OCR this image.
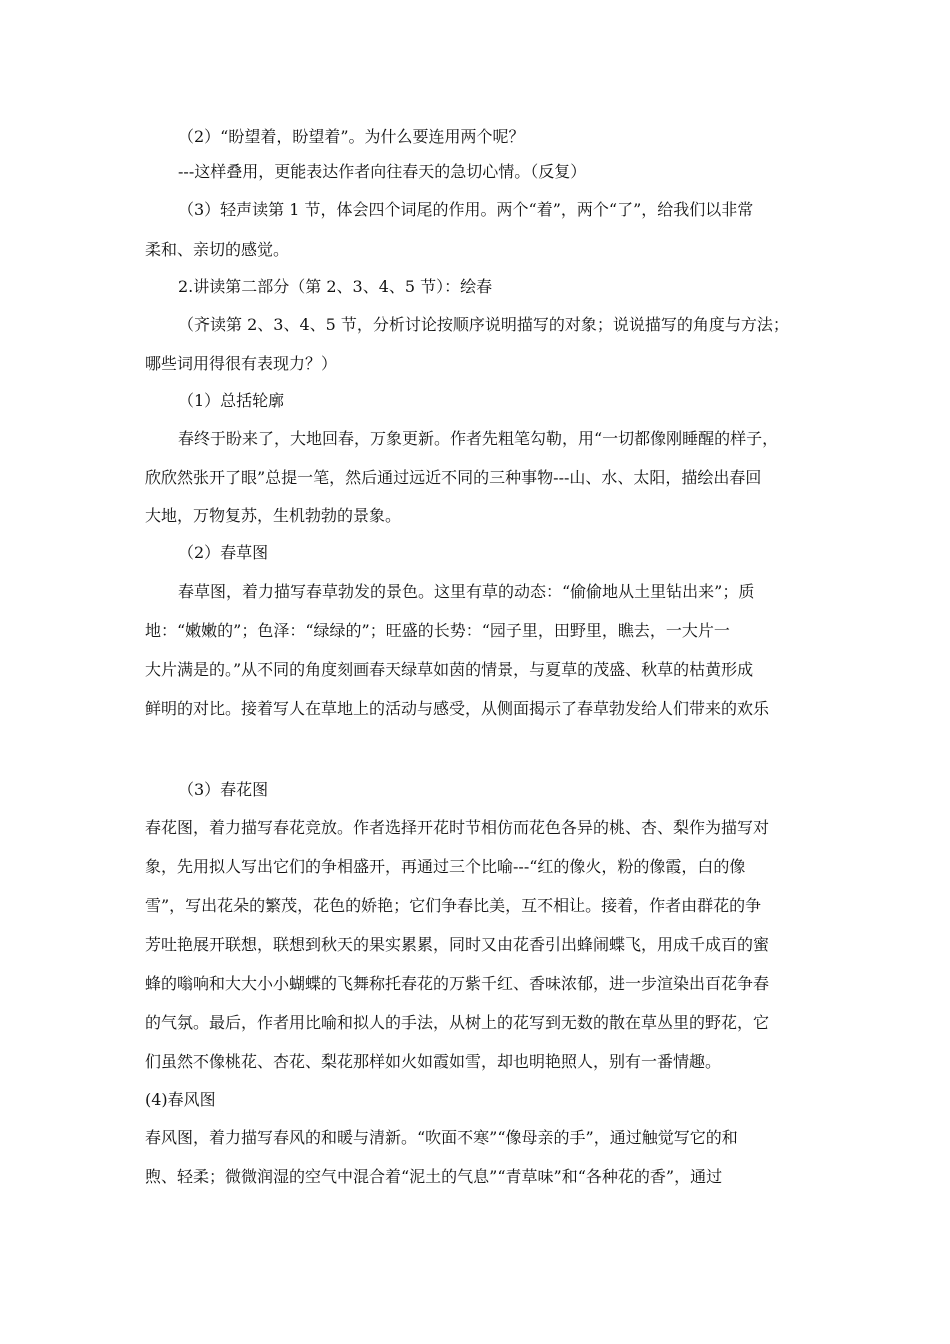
（2）“盼望着，盼望着”。为什么要连用两个呢？
---这样叠用，更能表达作者向往春天的急切心情。（反复）
（3）轻声读第 1 节，体会四个词尾的作用。两个“着”，两个“了”，给我们以非常
柔和、亲切的感觉。
2.讲读第二部分（第 2、3、4、5 节）：绘春
（齐读第 2、3、4、5 节，分析讨论按顺序说明描写的对象；说说描写的角度与方法；
哪些词用得很有表现力？）
（1）总括轮廓
春终于盼来了，大地回春，万象更新。作者先粗笔勾勒，用“一切都像刚睡醒的样子，
欣欣然张开了眼”总提一笔，然后通过远近不同的三种事物---山、水、太阳，描绘出春回
大地，万物复苏，生机勃勃的景象。
（2）春草图
春草图，着力描写春草勃发的景色。这里有草的动态：“偷偷地从土里钻出来”；质
地：“嫩嫩的”；色泽：“绿绿的”；旺盛的长势：“园子里，田野里，瞧去，一大片一
大片满是的。”从不同的角度刻画春天绿草如茵的情景，与夏草的茂盛、秋草的枯黄形成
鲜明的对比。接着写人在草地上的活动与感受，从侧面揭示了春草勃发给人们带来的欢乐
（3）春花图
春花图，着力描写春花竞放。作者选择开花时节相仿而花色各异的桃、杏、梨作为描写对
象，先用拟人写出它们的争相盛开，再通过三个比喻---“红的像火，粉的像霞，白的像
雪”，写出花朵的繁茂，花色的娇艳；它们争春比美，互不相让。接着，作者由群花的争
芳吐艳展开联想，联想到秋天的果实累累，同时又由花香引出蜂闹蝶飞，用成千成百的蜜
蜂的嗡响和大大小小蝴蝶的飞舞称托春花的万紫千红、香味浓郁，进一步渲染出百花争春
的气氛。最后，作者用比喻和拟人的手法，从树上的花写到无数的散在草丛里的野花，它
们虽然不像桃花、杏花、梨花那样如火如霞如雪，却也明艳照人，别有一番情趣。
(4)春风图
春风图，着力描写春风的和暖与清新。“吹面不寒”“像母亲的手”，通过触觉写它的和
煦、轻柔；微微润湿的空气中混合着“泥土的气息”“青草味”和“各种花的香”，通过
